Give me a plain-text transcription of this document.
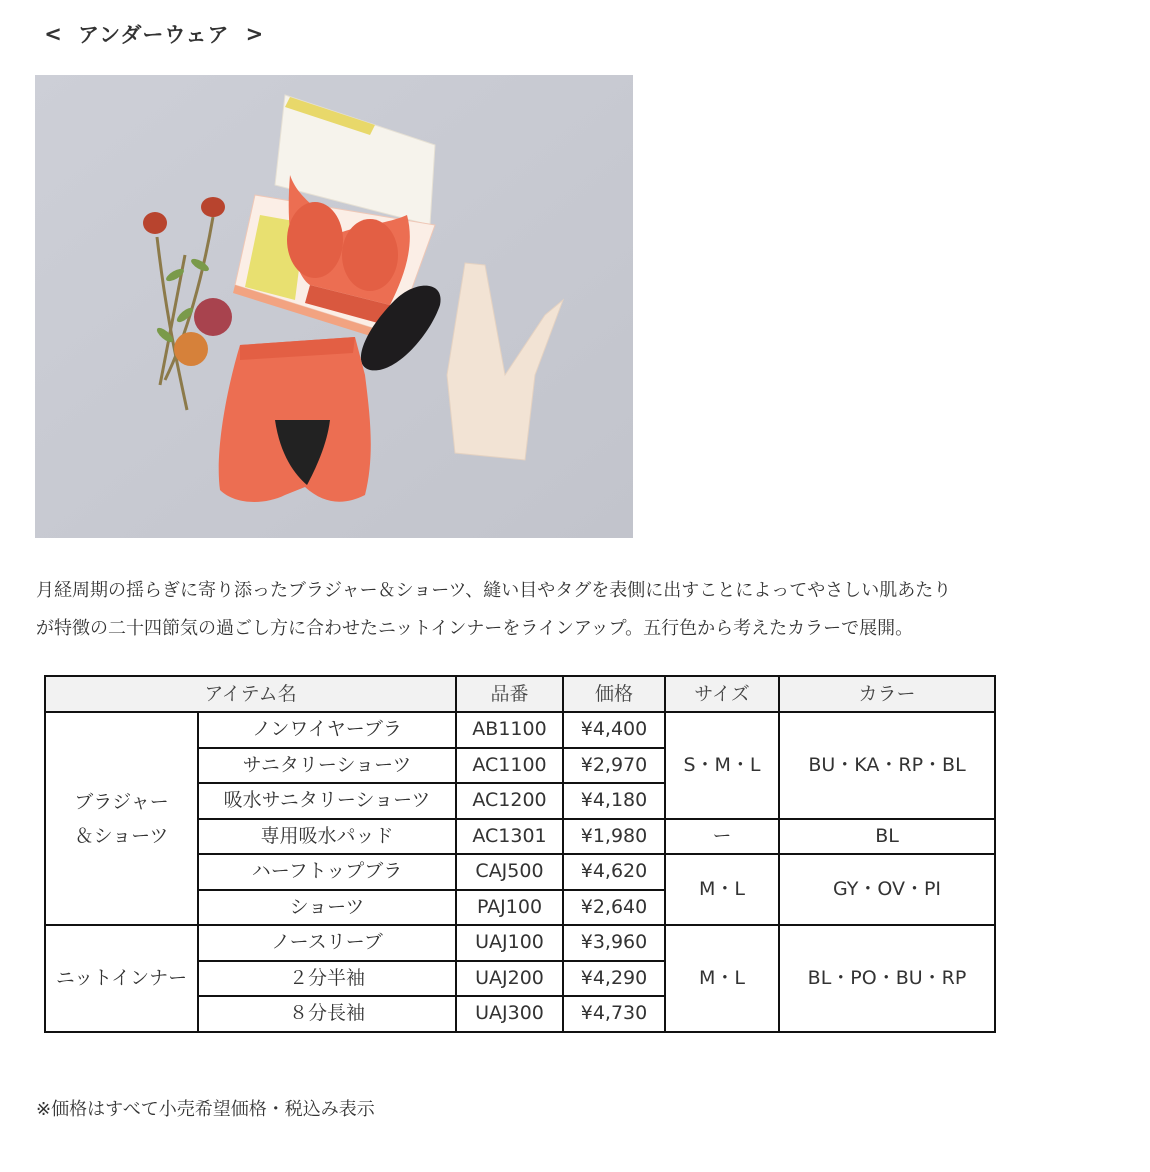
< アンダーウェア >

月経周期の揺らぎに寄り添ったブラジャー＆ショーツ、縫い目やタグを表側に出すことによってやさしい肌あたり

が特徴の二十四節気の過ごし方に合わせたニットインナーをラインアップ。五行色から考えたカラーで展開。

アイテム名		品番	価格	サイズ	カラー
ブラジャー
＆ショーツ	ノンワイヤーブラ	AB1100	¥4,400	S・M・L	BU・KA・RP・BL
	サニタリーショーツ	AC1100	¥2,970		
	吸水サニタリーショーツ	AC1200	¥4,180		
	専用吸水パッド	AC1301	¥1,980	ー	BL
	ハーフトップブラ	CAJ500	¥4,620	M・L	GY・OV・PI
	ショーツ	PAJ100	¥2,640		
ニットインナー	ノースリーブ	UAJ100	¥3,960	M・L	BL・PO・BU・RP
	２分半袖	UAJ200	¥4,290		
	８分長袖	UAJ300	¥4,730		
※価格はすべて小売希望価格・税込み表示
